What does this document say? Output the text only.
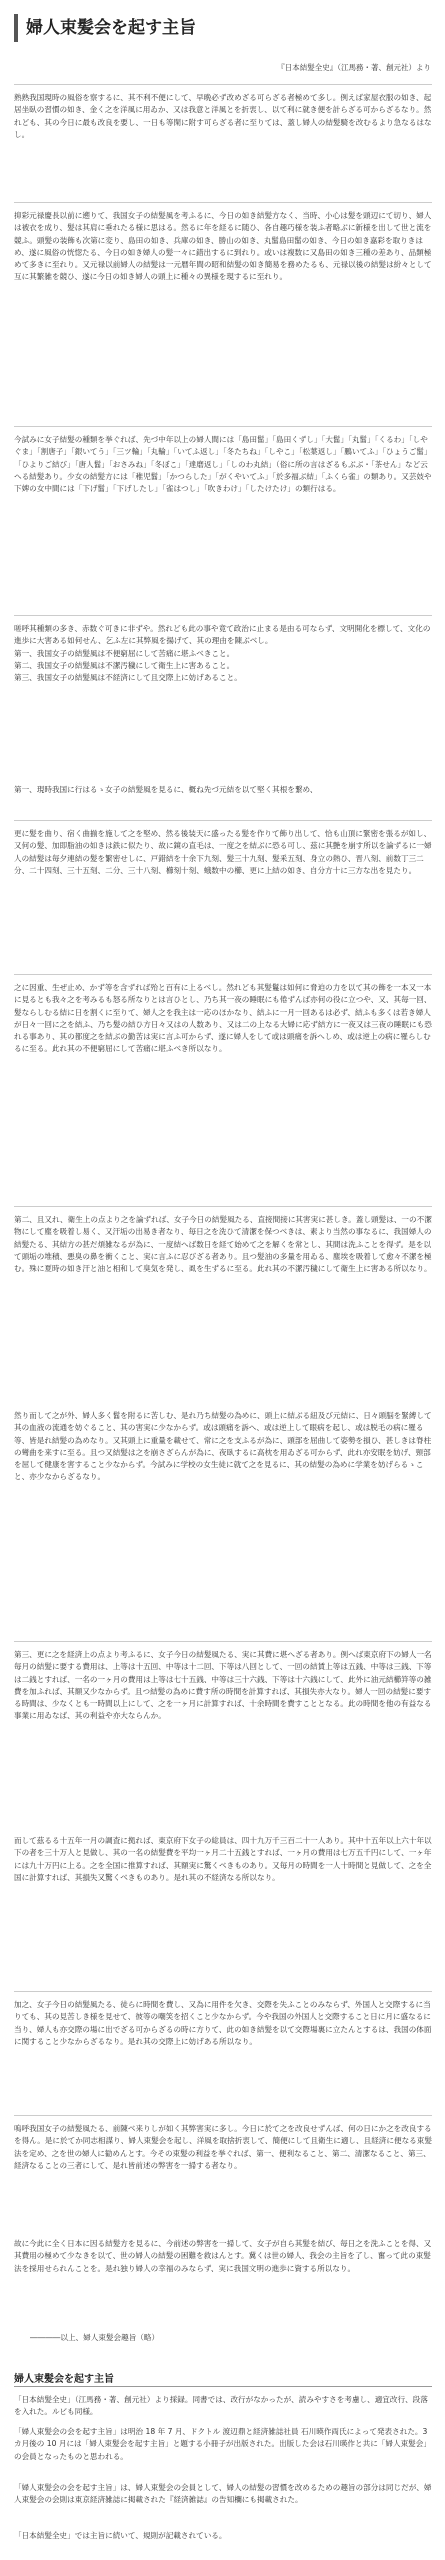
婦人束髪会を起す主旨
『日本結髪全史』（江馬務・著、創元社）より
熟熟我国現時の風俗を察するに、其不利不便にして、早晩必ず改めざる可らざる者極めて多し。例えば家屋衣服の如き、起居坐臥の習慣の如き、金く之を洋風に用ゐか、又は我意と洋風とを折衷し、以て利に就き便を計らざる可からざるなり。然れども、其の今日に最も改良を要し、一日も等閑に附す可らざる者に至りては、蓋し婦人の結髪騎を改むるより急なるはなし。
抑彩元禄慶長以前に遡りて、我国女子の結髪風を考ふるに、今日の如き結髪方なく、当時、小心は髪を頭辺にて切り、婦人は被衣を成り、髪は其肩に垂れたる様に思はる。然るに年を経るに随ひ、各自趣巧様を装ふ者略ぶに新様を出して世と流を競ふ。頭髪の装飾も次第に変り、島田の如き、兵庫の如き、勝山の如き、丸髷島田髷の如き、今日の如き嘉彩を取りきはめ、遂に風俗の恍惚たる、今日の如き婦人の髪一々に錯出するに到れり。或いは複数に又島田の如き三種の差あり、品類極めて多きに至れり。又元禄以前婦人の結髪は一元暦年間の昭和結髪の如き簡易を務めたるも、元禄以後の結髪は紛々として互に其繁雑を競ひ、遂に今日の如き婦人の頭上に種々の異様を現するに至れり。
今試みに女子結髪の種類を挙ぐれば、先づ中年以上の婦人間には「島田髷」「島田くずし」「大髷」「丸髷」「くるわ」「しやぐま」「割唐子」「銀いてう」「三ツ輪」「丸輪」「いてふ返し」「冬たちね」「しやこ」「松葉返し」「鵬いてふ」「ひょうご髷」「ひよりご結び」「唐人髷」「おさみね」「冬ぼこ」「達磨返し」「しのわ丸結」（俗に所の言はざるもぶぶ・「茶せん」など云へる結髪あり。少女の結髪方には「稚児髷」「かつらした」「がくやいてふ」「於多福ぶ結」「ふくら雀」の類あり。又芸妓や下婢の女中間には「下げ髷」「下げしたし」「雀はつし」「吹きわけ」「したけたけ」の類行はる。
嗟呼其種類の多き、赤数ぐ可きに非ずや。然れども此の事や竟て政治に止まる是由る可ならず、文明開化を標して、文化の進歩に大害ある如何せん、乞ふ左に其弊風を揚げて、其の理由を陳ぶべし。
第一、我国女子の結髪風は不便窮屈にして苦痛に堪ふべきこと。
第二、我国女子の結髪風は不潔汚穢にして衛生上に害あること。
第三、我国女子の結髪風は不経済にして且交際上に妨げあること。
第一、現時我国に行はるゝ女子の結髪風を見るに、概ね先づ元結を以て堅く其根を繋め、
更に髪を曲り、宿く曲揃を施して之を堅め、然る後装天に盛ったる髪を作りて飾り出して、恰も山頂に緊密を張るが如し、又何の髪、加即脂油の如きは鉄に似たり、故に鏡の直毛は、一度之を結ぶに恐る可し、茲に其艶を崩す所以を論ずるに一婦人の結髪は毎夕連結の髪を繁密せしに、戸錯結を十余下九刻、髪三十九刻、髪釆五刻、身立の熱ひ、晋八刻、前数丁三二分、二十四刻、三十五刻、二分、三十八刻、櫛刻十刻、蛾数中の櫛、更に上結の如き、自分方十に三方な出を見たり。
之に因重、生ぜ止め、かず等を含ずれば殆と百有に上るべし。然れども其髪鬘は如何に脅迫の力を以て其の飾を一本又一本に見るとも我々之を考みるも怒る所なりとは言ひとし、乃ち其一夜の睡眠にも倦ずんば亦何の役に立つや、又、其毎一回、髪ならしむる結に日を割くに至りて、婦人之を我主は一応のほかなり、結ふに一月一回あるは必ず、結ふも多くは若き婦人が日々一回に之を結ふ、乃ち髪の結ひ方日々又はの人数あり、又は二の上なる大婦に応ず結方に一夜又は三夜の睡眠にも恐れる事あり、其の都度之を結ぶの勤苦は実に言ふ可からず、遂に婦人をして或は頭痛を訴へしめ、或は逆上の病に罹らしむるに至る。此れ其の不便窮屈にして苦痛に堪ふべき所以なり。
第二、且又れ、衛生上の点より之を論ずれば、女子今日の結髪風たる、直接間接に其害実に甚しき。蓋し頭髪は、一の不潔物にして塵を吸着し易く、又汗垢の出易き者なり、毎日之を洗ひて清潔を保つべきは、素より当然の事なるに、我国婦人の結髪たる、其結方の甚だ煩雑なるが為に、一度結へば数日を経て始めて之を解くを常とし、其間は洗ふことを得ず。是を以て頭垢の堆積、悪臭の鼻を衝くこと、実に言ふに忍びざる者あり。且つ髪油の多量を用ゐる、塵埃を吸着して愈々不潔を極む。殊に夏時の如き汗と油と相和して臭気を発し、虱を生ずるに至る。此れ其の不潔汚穢にして衛生上に害ある所以なり。
然り而して之が外、婦人多く髷を附るに苦しむ、是れ乃ち結髪の為めに、頭上に結ぶる紐及び元結に、日々頭脳を緊縛して其の血液の流通を妨ぐること、其の害実に少なからず。或は頭痛を訴へ、或は逆上して眼病を起し、或は脱毛の病に罹る等、皆是れ結髪の為めなり。又其頭上に重量を載せて、常に之を支ふるが為に、頭部を屈曲して姿勢を損ひ、甚しきは脊柱の彎曲を来すに至る。且つ又結髪は之を崩さざらんが為に、夜臥するに高枕を用ゐざる可からず、此れ亦安眠を妨げ、頸部を屈して健康を害すること少なからず。今試みに学校の女生徒に就て之を見るに、其の結髪の為めに学業を妨げらるゝこと、亦少なからざるなり。
第三、更に之を経済上の点より考ふるに、女子今日の結髪風たる、実に其費に堪へざる者あり。例へば東京府下の婦人一名毎月の結髪に要する費用は、上等は十五回、中等は十二回、下等は八回として、一回の結賃上等は五銭、中等は三銭、下等は二銭とすれば、一名の一ヶ月の費用は上等は七十五銭、中等は三十六銭、下等は十六銭にして、此外に油元結櫛笄等の雑費を加ふれば、其額又少なからず。且つ結髪の為めに費す所の時間を計算すれば、其損失亦大なり。婦人一回の結髪に要する時間は、少なくとも一時間以上にして、之を一ヶ月に計算すれば、十余時間を費すこととなる。此の時間を他の有益なる事業に用ゐなば、其の利益や亦大ならんか。
而して茲るる十五年一月の調査に拠れば、東京府下女子の総員は、四十九万千三百二十一人あり。其中十五年以上六十年以下の者を三十万人と見做し、其の一名の結髪費を平均一ヶ月二十五銭とすれば、一ヶ月の費用は七万五千円にして、一ヶ年には九十万円に上る。之を全国に推算すれば、其額実に驚くべきものあり。又毎月の時間を一人十時間と見做して、之を全国に計算すれば、其損失又驚くべきものあり。是れ其の不経済なる所以なり。
加之、女子今日の結髪風たる、徒らに時間を費し、又為に用件を欠き、交際を失ふことのみならず、外国人と交際するに当りても、其の見苦しき様を見せて、彼等の嘲笑を招くこと少なからず。今や我国の外国人と交際すること日に月に盛なるに当り、婦人も亦交際の場に出でざる可からざるの時に方りて、此の如き結髪を以て交際場裏に立たんとするは、我国の体面に関すること少なからざるなり。是れ其の交際上に妨げある所以なり。
嗚呼我国女子の結髪風たる、前陳べ来りしが如く其弊害実に多し。今日に於て之を改良せずんば、何の日にか之を改良するを得ん。是に於てか同志相謀り、婦人束髪会を起し、洋風を取捨折衷して、簡便にして且衛生に適し、且経済に便なる束髪法を定め、之を世の婦人に勧めんとす。今その束髪の利益を挙ぐれば、第一、便利なること、第二、清潔なること、第三、経済なることの三者にして、是れ皆前述の弊害を一掃する者なり。
故に今此に全く日本に因る結髪方を見るに、今前述の弊害を一掃して、女子が自ら其髪を結び、毎日之を洗ふことを得、又其費用の極めて少なきを以て、世の婦人の結髪の困難を救はんとす。冀くは世の婦人、我会の主旨を了し、奮って此の束髪法を採用せられんことを。是れ独り婦人の幸福のみならず、実に我国文明の進歩に資する所以なり。
――――以上、婦人束髪会趣旨（略）
婦人束髪会を起す主旨
「日本結髪全史」（江馬務・著、創元社）より採録。同書では、改行がなかったが、読みやすさを考慮し、適宜改行、段落を入れた。ルビも同様。
「婦人束髪会の会を起す主旨」は明治 18 年 7 月、ドクトル 渡辺鼎と経済雑誌社員 石川暎作両氏によって発表された。3 カ月後の 10 月には「婦人束髪会を起す主旨」と題する小冊子が出版された。出版した会は石川暎作と共に「婦人束髪会」の会員となったものと思われる。
「婦人束髪会の会を起す主旨」は、婦人束髪会の会員として、婦人の結髪の習慣を改めるための趣旨の部分は同じだが、婦人束髪会の会則は東京経済雑誌に掲載された『経済雑誌』の告知欄にも掲載された。
「日本結髪全史」では主旨に続いて、規則が記載されている。
